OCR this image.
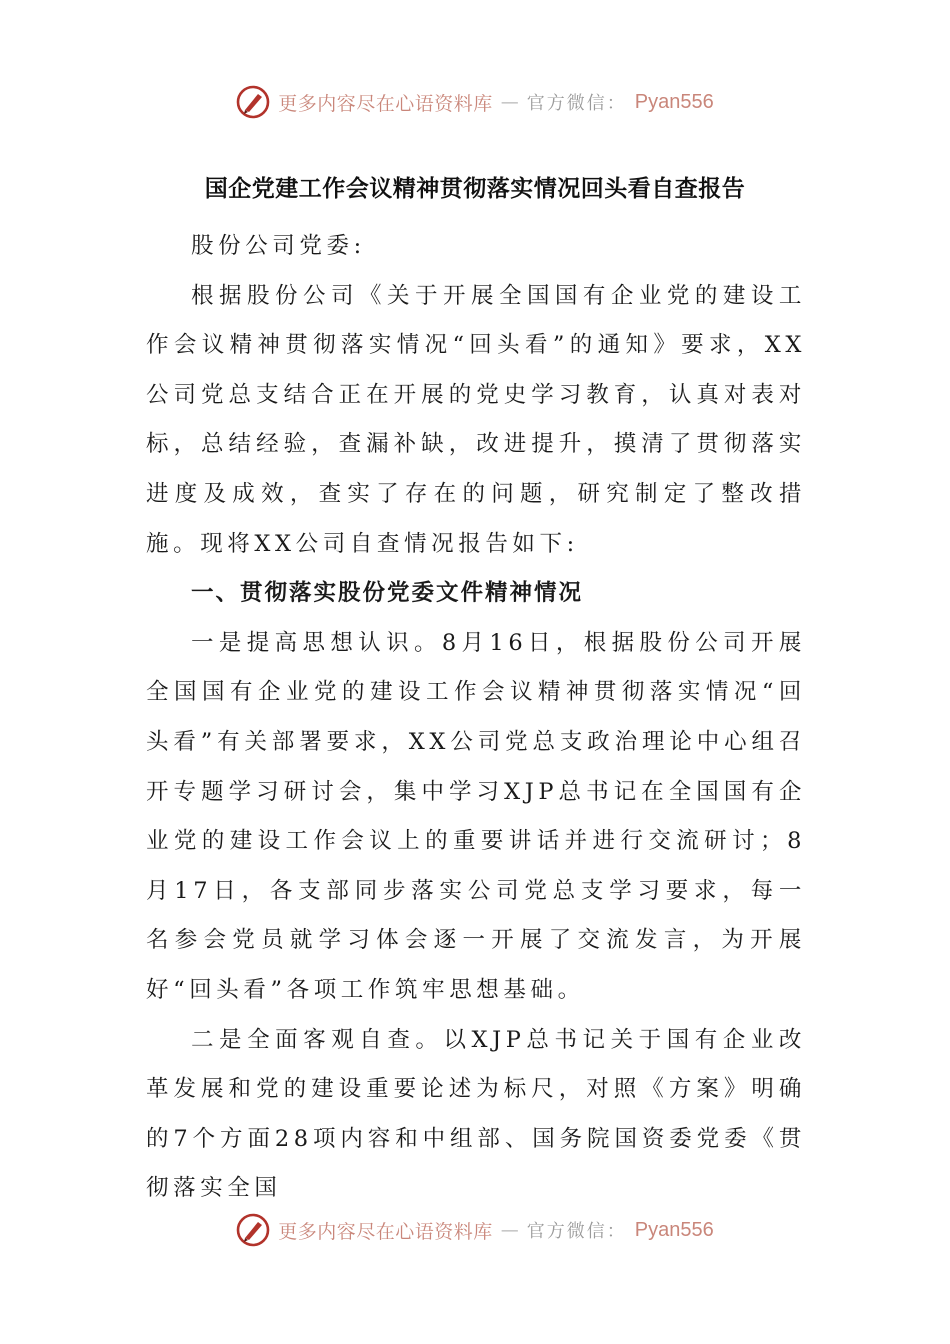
更多内容尽在心语资料库 — 官方微信： Pyan556
国企党建工作会议精神贯彻落实情况回头看自查报告

股份公司党委:

根据股份公司《关于开展全国国有企业党的建设工作会议精神贯彻落实情况“回头看”的通知》要求，XX公司党总支结合正在开展的党史学习教育，认真对表对标，总结经验，查漏补缺，改进提升，摸清了贯彻落实进度及成效，查实了存在的问题，研究制定了整改措施。现将XX公司自查情况报告如下:

一、贯彻落实股份党委文件精神情况

一是提高思想认识。8月16日，根据股份公司开展全国国有企业党的建设工作会议精神贯彻落实情况“回头看”有关部署要求，XX公司党总支政治理论中心组召开专题学习研讨会，集中学习XJP总书记在全国国有企业党的建设工作会议上的重要讲话并进行交流研讨；8月17日，各支部同步落实公司党总支学习要求，每一名参会党员就学习体会逐一开展了交流发言，为开展好“回头看”各项工作筑牢思想基础。

二是全面客观自查。以XJP总书记关于国有企业改革发展和党的建设重要论述为标尺，对照《方案》明确的7个方面28项内容和中组部、国务院国资委党委《贯彻落实全国

更多内容尽在心语资料库 — 官方微信： Pyan556
